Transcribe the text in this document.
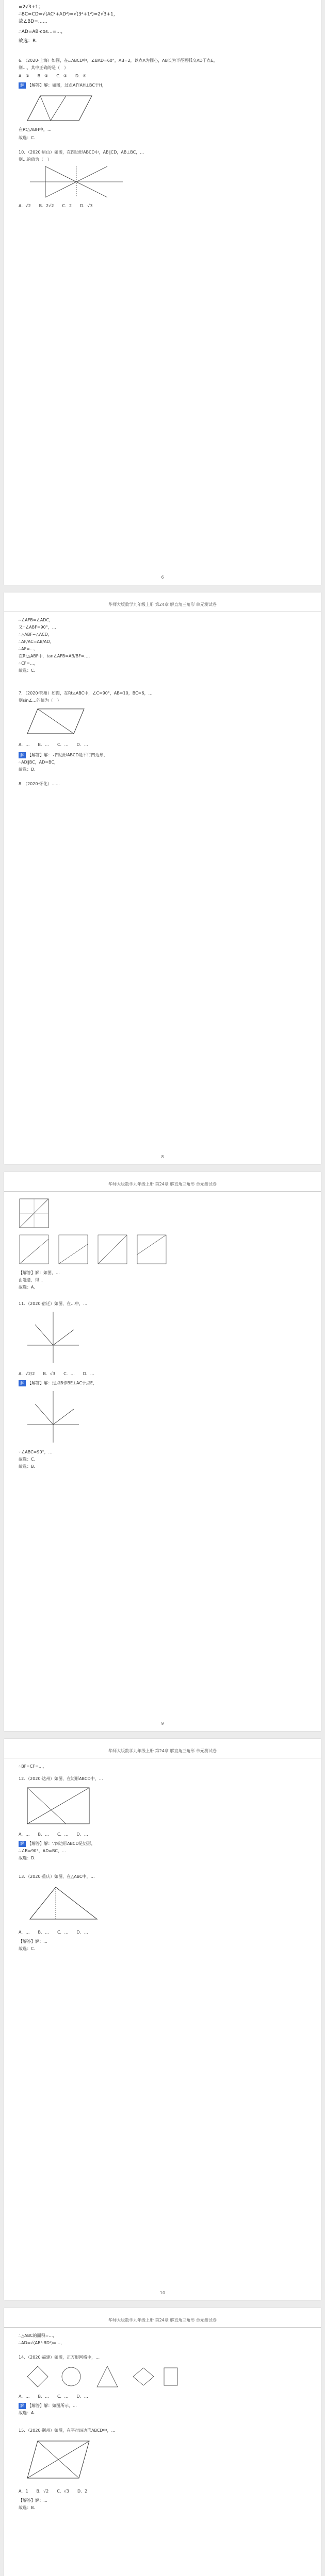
=2√3+1；
∴BC=CD=√(AC²+AD²)=√(3²+1²)=2√3+1，
故∠BD=……
∴AD=AB·cos…=…，
故选：B.
6．（2020·上海）如图，在▱ABCD中，∠BAD=60°，AB=2，以点A为圆心，AB长为半径画弧交AD于点E，
则…，其中正确的是（　）
A．①　　B．②　　C．③　　D．④
解 【解答】解：如图，过点A作AH⊥BC于H，
在Rt△ABH中，…
故选：C.
10．（2020·眉山）如图，在四边形ABCD中，AB∥CD，AB⊥BC，…
则…的值为（　）
A．√2　　B．2√2　　C．2　　D．√3
6
华师大版数学九年级上册 第24章 解直角三角形 单元测试卷

∴∠AFB=∠ADC，
又∵∠ABF=90°，…
∴△ABF∽△ACD，
∴AF/AC=AB/AD，
∴AF=…，
在Rt△ABF中，tan∠AFB=AB/BF=…，
∴CF=…，
故选：C.
7．（2020·鄂州）如图，在Rt△ABC中，∠C=90°，AB=10，BC=6，…
则sin∠…的值为（　）
A．…　　B．…　　C．…　　D．…
解 【解答】解：∵四边形ABCD是平行四边形，
∴AD∥BC，AD=BC，
故选：D.
8．（2020·怀化）……
8
华师大版数学九年级上册 第24章 解直角三角形 单元测试卷
【解答】解：如图，…
由题意，得…
故选：A.
11．（2020·宿迁）如图，在…中，…
A．√2/2　　B．√3　　C．…　　D．…
解 【解答】解：过点B作BE⊥AC于点E，
∵∠ABC=90°，…
故选：C.
故选：B.
9
华师大版数学九年级上册 第24章 解直角三角形 单元测试卷
∴BF=CF=…，
12．（2020·达州）如图，在矩形ABCD中，…
A．…　　B．…　　C．…　　D．…
解 【解答】解：∵四边形ABCD是矩形，
∴∠B=90°，AD=BC，…
故选：D.
13．（2020·重庆）如图，在△ABC中，…
A．…　　B．…　　C．…　　D．…
【解答】解：…
故选：C.
10
华师大版数学九年级上册 第24章 解直角三角形 单元测试卷
∴△ABC的面积=…，
∴AD=√(AB²-BD²)=…，
14．（2020·福建）如图，正方形网格中，…
A．…　　B．…　　C．…　　D．…
解 【解答】解：如图所示，…
故选：A.
15．（2020·荆州）如图，在平行四边形ABCD中，…
A．1　　B．√2　　C．√3　　D．2
【解答】解：…
故选：B.
